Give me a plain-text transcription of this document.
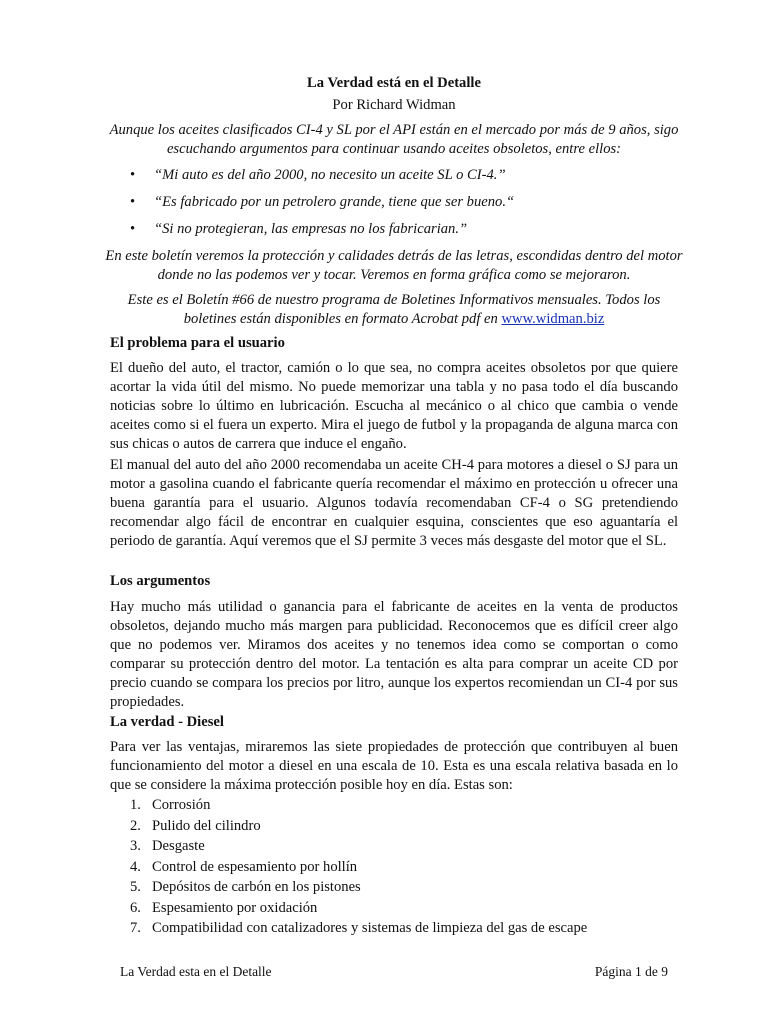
La Verdad está en el Detalle
Por Richard Widman
Aunque los aceites clasificados CI-4 y SL por el API están en el mercado por más de 9 años, sigo escuchando argumentos para continuar usando aceites obsoletos, entre ellos:
• “Mi auto es del año 2000, no necesito un aceite SL o CI-4.”
• “Es fabricado por un petrolero grande, tiene que ser bueno.“
• “Si no protegieran, las empresas no los fabricarian.”
En este boletín veremos la protección y calidades detrás de las letras, escondidas dentro del motor donde no las podemos ver y tocar. Veremos en forma gráfica como se mejoraron.
Este es el Boletín #66 de nuestro programa de Boletines Informativos mensuales. Todos los boletines están disponibles en formato Acrobat pdf en www.widman.biz
El problema para el usuario

El dueño del auto, el tractor, camión o lo que sea, no compra aceites obsoletos por que quiere acortar la vida útil del mismo. No puede memorizar una tabla y no pasa todo el día buscando noticias sobre lo último en lubricación. Escucha al mecánico o al chico que cambia o vende aceites como si el fuera un experto. Mira el juego de futbol y la propaganda de alguna marca con sus chicas o autos de carrera que induce el engaño.

El manual del auto del año 2000 recomendaba un aceite CH-4 para motores a diesel o SJ para un motor a gasolina cuando el fabricante quería recomendar el máximo en protección u ofrecer una buena garantía para el usuario. Algunos todavía recomendaban CF-4 o SG pretendiendo recomendar algo fácil de encontrar en cualquier esquina, conscientes que eso aguantaría el periodo de garantía. Aquí veremos que el SJ permite 3 veces más desgaste del motor que el SL.

Los argumentos

Hay mucho más utilidad o ganancia para el fabricante de aceites en la venta de productos obsoletos, dejando mucho más margen para publicidad. Reconocemos que es difícil creer algo que no podemos ver. Miramos dos aceites y no tenemos idea como se comportan o como comparar su protección dentro del motor. La tentación es alta para comprar un aceite CD por precio cuando se compara los precios por litro, aunque los expertos recomiendan un CI-4 por sus propiedades.

La verdad - Diesel

Para ver las ventajas, miraremos las siete propiedades de protección que contribuyen al buen funcionamiento del motor a diesel en una escala de 10. Esta es una escala relativa basada en lo que se considere la máxima protección posible hoy en día. Estas son:

1. Corrosión
2. Pulido del cilindro
3. Desgaste
4. Control de espesamiento por hollín
5. Depósitos de carbón en los pistones
6. Espesamiento por oxidación
7. Compatibilidad con catalizadores y sistemas de limpieza del gas de escape
La Verdad esta en el Detalle	Página 1 de 9
